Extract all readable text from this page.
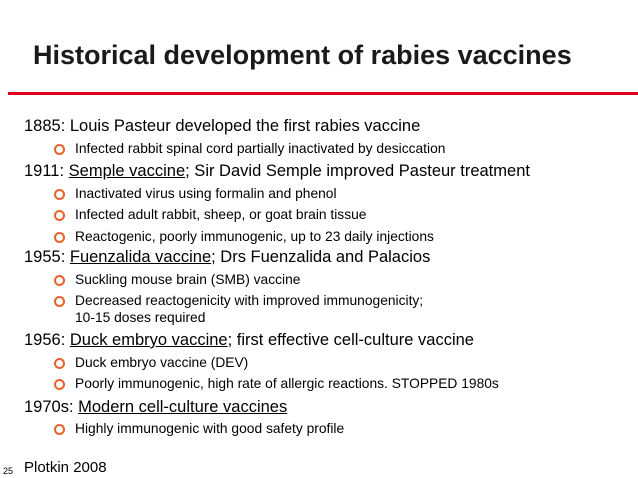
Historical development of rabies vaccines
1885: Louis Pasteur developed the first rabies vaccine
Infected rabbit spinal cord partially inactivated by desiccation
1911: Semple vaccine; Sir David Semple improved Pasteur treatment
Inactivated virus using formalin and phenol
Infected adult rabbit, sheep, or goat brain tissue
Reactogenic, poorly immunogenic, up to 23 daily injections
1955: Fuenzalida vaccine; Drs Fuenzalida and Palacios
Suckling mouse brain (SMB) vaccine
Decreased reactogenicity with improved immunogenicity;
10-15 doses required
1956: Duck embryo vaccine; first effective cell-culture vaccine
Duck embryo vaccine (DEV)
Poorly immunogenic, high rate of allergic reactions. STOPPED 1980s
1970s: Modern cell-culture vaccines
Highly immunogenic with good safety profile
Plotkin 2008
25
